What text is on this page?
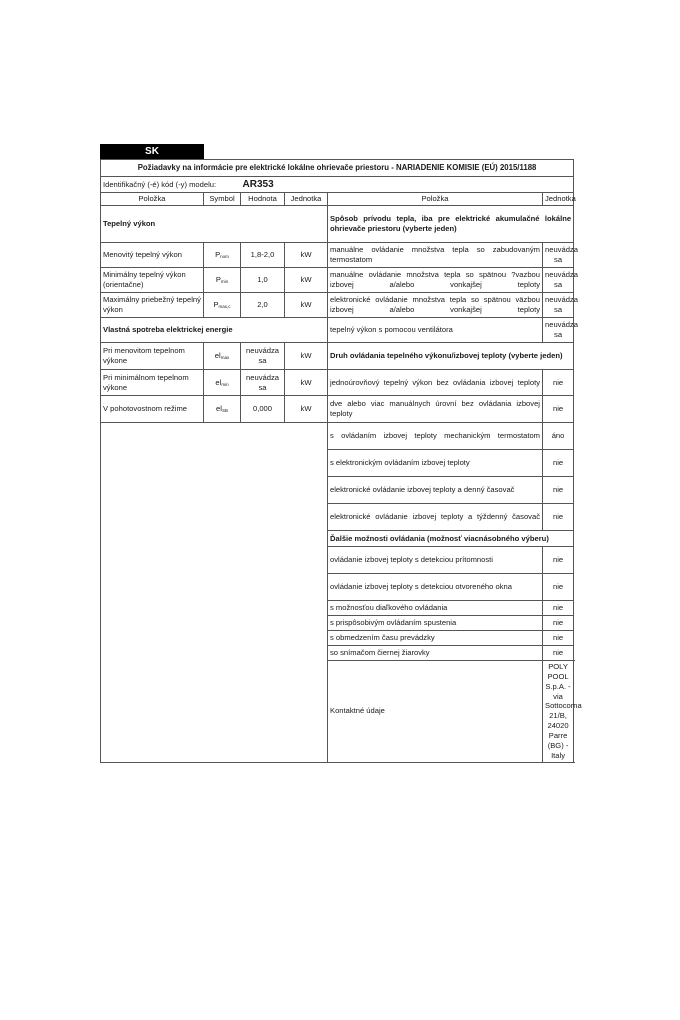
SK
Požiadavky na informácie pre elektrické lokálne ohrievače priestoru - NARIADENIE KOMISIE (EÚ) 2015/1188					
Identifikačný (-é) kód (-y) modelu:		AR353			
Položka	Symbol	Hodnota	Jednotka	Položka	Jednotka
Tepelný výkon				Spôsob prívodu tepla, iba pre elektrické akumulačné lokálne ohrievače priestoru (vyberte jeden)	
Menovitý tepelný výkon	$P_{nom}$	1,8-2,0	kW	manuálne ovládanie množstva tepla so zabudovaným termostatom	neuvádza sa
Minimálny tepelný výkon (orientačne)	$P_{min}$	1,0	kW	manuálne ovládanie množstva tepla so spätnou ?vazbou izbovej a/alebo vonkajšej teploty	neuvádza sa
Maximálny priebežný tepelný výkon	$P_{max,c}$	2,0	kW	elektronické ovládanie množstva tepla so spätnou väzbou izbovej a/alebo vonkajšej teploty	neuvádza sa
Vlastná spotreba elektrickej energie				tepelný výkon s pomocou ventilátora	neuvádza sa
Pri menovitom tepelnom výkone	$el_{max}$	neuvádza sa	kW	Druh ovládania tepelného výkonu/izbovej teploty (vyberte jeden)	
Pri minimálnom tepelnom výkone	$el_{min}$	neuvádza sa	kW	jednoúrovňový tepelný výkon bez ovládania izbovej teploty	nie
V pohotovostnom režime	$el_{SB}$	0,000	kW	dve alebo viac manuálnych úrovní bez ovládania izbovej teploty	nie
				s ovládaním izbovej teploty mechanickým termostatom	áno
				s elektronickým ovládaním izbovej teploty	nie
				elektronické ovládanie izbovej teploty a denný časovač	nie
				elektronické ovládanie izbovej teploty a týždenný časovač	nie
				Ďalšie možnosti ovládania (možnosť viacnásobného výberu)	
				ovládanie izbovej teploty s detekciou prítomnosti	nie
				ovládanie izbovej teploty s detekciou otvoreného okna	nie
				s možnosťou diaľkového ovládania	nie
				s prispôsobivým ovládaním spustenia	nie
				s obmedzením času prevádzky	nie
				so snímačom čiernej žiarovky	nie
				Kontaktné údaje	POLY POOL S.p.A. - via Sottocorna 21/B, 24020 Parre (BG) - Italy
